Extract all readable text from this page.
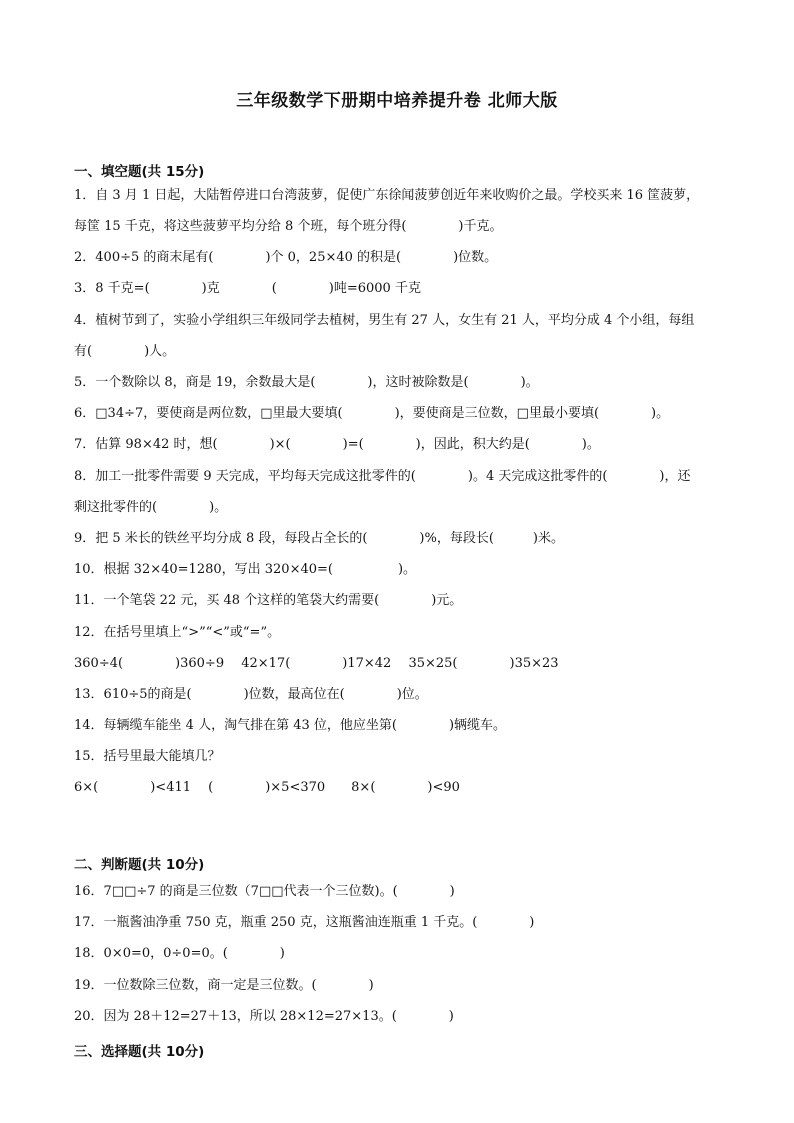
三年级数学下册期中培养提升卷 北师大版
一、填空题(共 15分)
1．自 3 月 1 日起，大陆暂停进口台湾菠萝，促使广东徐闻菠萝创近年来收购价之最。学校买来 16 筐菠萝，
每筐 15 千克，将这些菠萝平均分给 8 个班，每个班分得(　　　　)千克。
2．400÷5 的商末尾有(　　　　)个 0，25×40 的积是(　　　　)位数。
3．8 千克=(　　　　)克　　　　(　　　　)吨=6000 千克
4．植树节到了，实验小学组织三年级同学去植树，男生有 27 人，女生有 21 人，平均分成 4 个小组，每组
有(　　　　)人。
5．一个数除以 8，商是 19，余数最大是(　　　　)，这时被除数是(　　　　)。
6．□34÷7，要使商是两位数，□里最大要填(　　　　)，要使商是三位数，□里最小要填(　　　　)。
7．估算 98×42 时，想(　　　　)×(　　　　)=(　　　　)，因此，积大约是(　　　　)。
8．加工一批零件需要 9 天完成，平均每天完成这批零件的(　　　　)。4 天完成这批零件的(　　　　)，还
剩这批零件的(　　　　)。
9．把 5 米长的铁丝平均分成 8 段，每段占全长的(　　　　)%，每段长(　　　)米。
10．根据 32×40=1280，写出 320×40=(　　　　　)。
11．一个笔袋 22 元，买 48 个这样的笔袋大约需要(　　　　)元。
12．在括号里填上“>”“<”或“=”。
360÷4(　　　　)360÷9　 42×17(　　　　)17×42　 35×25(　　　　)35×23
13．610÷5的商是(　　　　)位数，最高位在(　　　　)位。
14．每辆缆车能坐 4 人，淘气排在第 43 位，他应坐第(　　　　)辆缆车。
15．括号里最大能填几？
6×(　　　　)<411　 (　　　　)×5<370　　8×(　　　　)<90
二、判断题(共 10分)
16．7□□÷7 的商是三位数（7□□代表一个三位数)。(　　　　)
17．一瓶酱油净重 750 克，瓶重 250 克，这瓶酱油连瓶重 1 千克。(　　　　)
18．0×0=0，0÷0=0。(　　　　)
19．一位数除三位数，商一定是三位数。(　　　　)
20．因为 28＋12=27＋13，所以 28×12=27×13。(　　　　)
三、选择题(共 10分)
